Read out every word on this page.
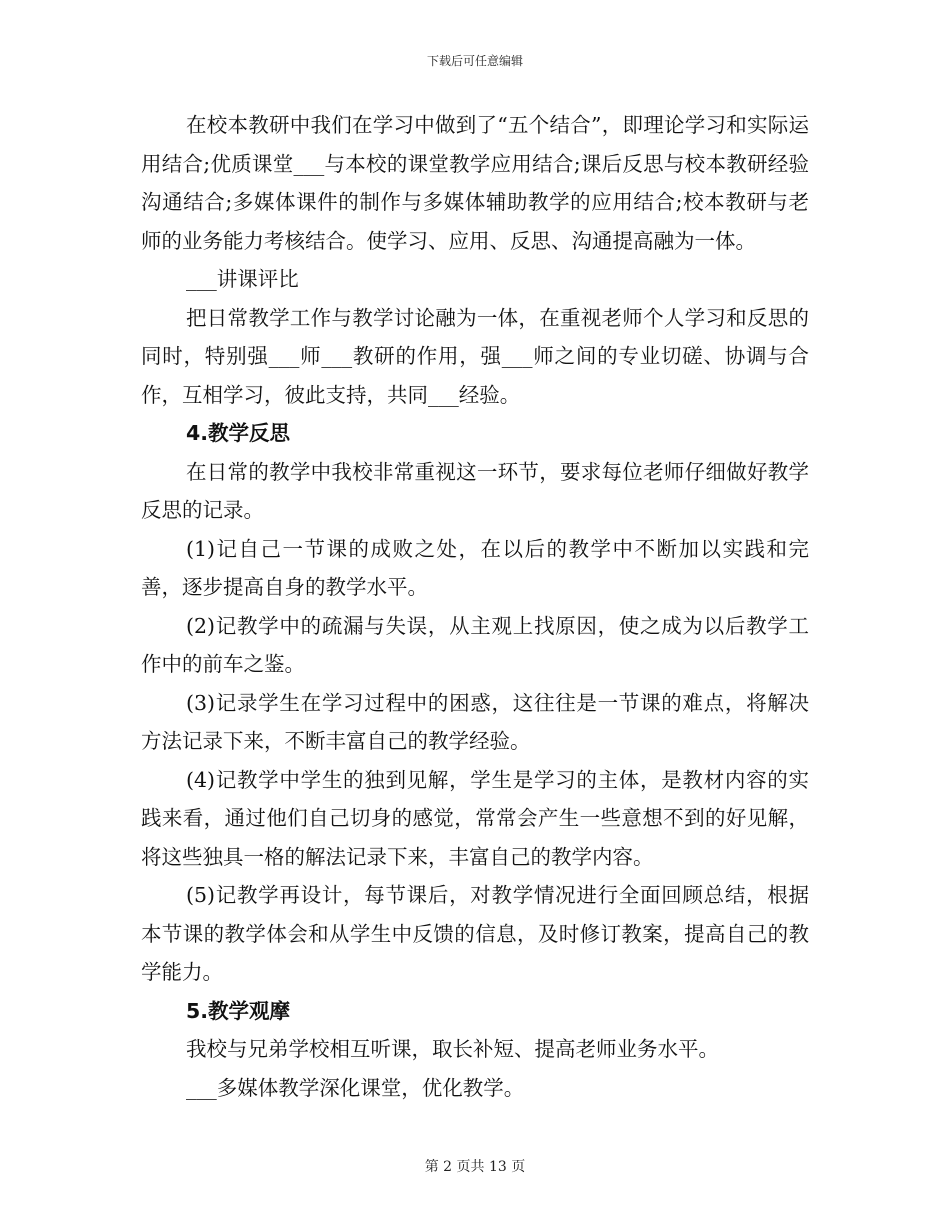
下载后可任意编辑

在校本教研中我们在学习中做到了“五个结合”，即理论学习和实际运用结合;优质课堂___与本校的课堂教学应用结合;课后反思与校本教研经验沟通结合;多媒体课件的制作与多媒体辅助教学的应用结合;校本教研与老师的业务能力考核结合。使学习、应用、反思、沟通提高融为一体。

___讲课评比

把日常教学工作与教学讨论融为一体，在重视老师个人学习和反思的同时，特别强___师___教研的作用，强___师之间的专业切磋、协调与合作，互相学习，彼此支持，共同___经验。

4.教学反思

在日常的教学中我校非常重视这一环节，要求每位老师仔细做好教学反思的记录。

(1)记自己一节课的成败之处，在以后的教学中不断加以实践和完善，逐步提高自身的教学水平。

(2)记教学中的疏漏与失误，从主观上找原因，使之成为以后教学工作中的前车之鉴。

(3)记录学生在学习过程中的困惑，这往往是一节课的难点，将解决方法记录下来，不断丰富自己的教学经验。

(4)记教学中学生的独到见解，学生是学习的主体，是教材内容的实践来看，通过他们自己切身的感觉，常常会产生一些意想不到的好见解，将这些独具一格的解法记录下来，丰富自己的教学内容。

(5)记教学再设计，每节课后，对教学情况进行全面回顾总结，根据本节课的教学体会和从学生中反馈的信息，及时修订教案，提高自己的教学能力。

5.教学观摩

我校与兄弟学校相互听课，取长补短、提高老师业务水平。

___多媒体教学深化课堂，优化教学。

第 2 页共 13 页
